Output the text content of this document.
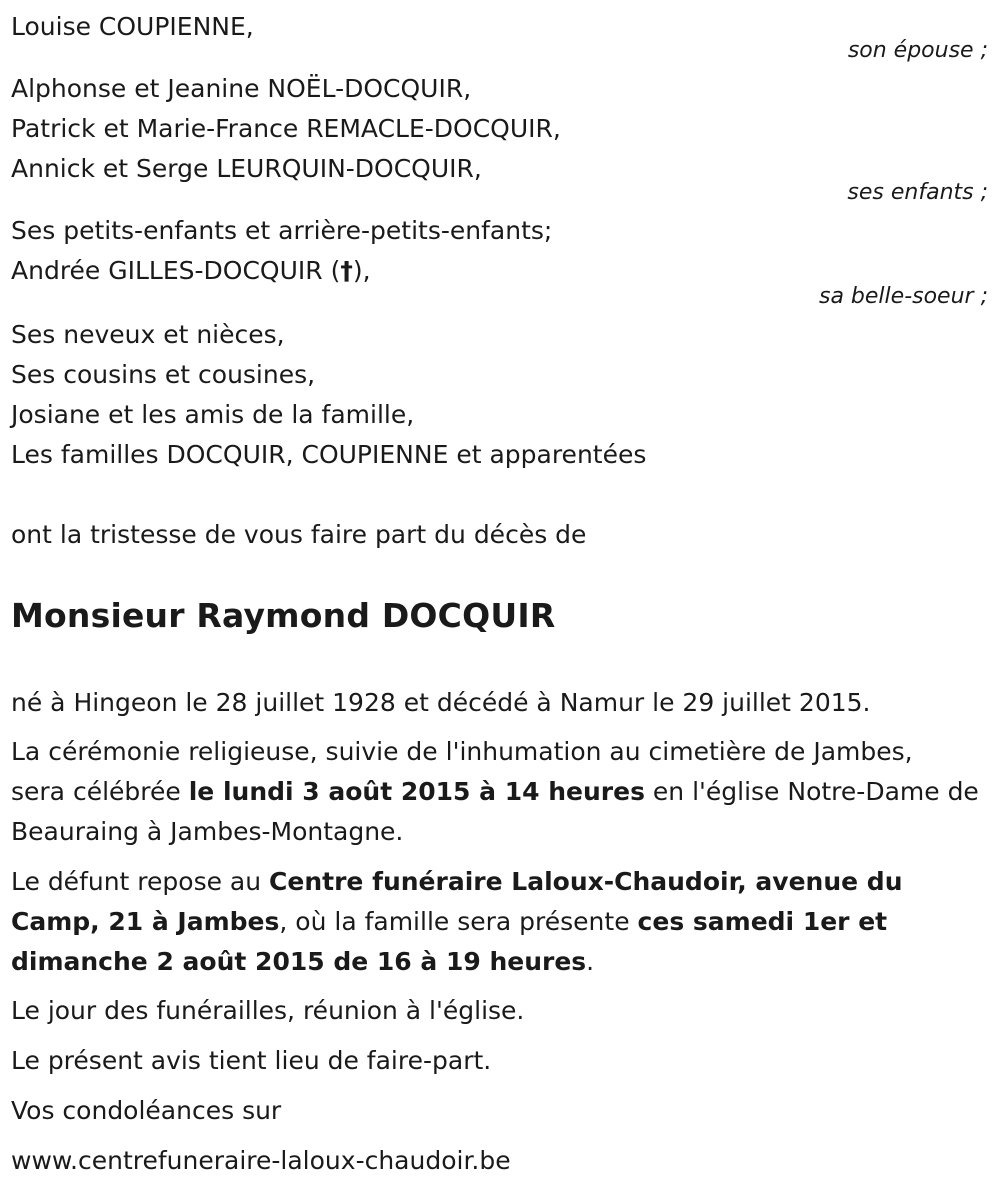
Louise COUPIENNE,

son épouse ;

Alphonse et Jeanine NOËL-DOCQUIR,

Patrick et Marie-France REMACLE-DOCQUIR,

Annick et Serge LEURQUIN-DOCQUIR,

ses enfants ;

Ses petits-enfants et arrière-petits-enfants;

Andrée GILLES-DOCQUIR (†),

sa belle-soeur ;

Ses neveux et nièces,

Ses cousins et cousines,

Josiane et les amis de la famille,

Les familles DOCQUIR, COUPIENNE et apparentées

ont la tristesse de vous faire part du décès de

Monsieur Raymond DOCQUIR

né à Hingeon le 28 juillet 1928 et décédé à Namur le 29 juillet 2015.

La cérémonie religieuse, suivie de l'inhumation au cimetière de Jambes,

sera célébrée le lundi 3 août 2015 à 14 heures en l'église Notre-Dame de

Beauraing à Jambes-Montagne.

Le défunt repose au Centre funéraire Laloux-Chaudoir, avenue du

Camp, 21 à Jambes, où la famille sera présente ces samedi 1er et

dimanche 2 août 2015 de 16 à 19 heures.

Le jour des funérailles, réunion à l'église.

Le présent avis tient lieu de faire-part.

Vos condoléances sur

www.centrefuneraire-laloux-chaudoir.be
